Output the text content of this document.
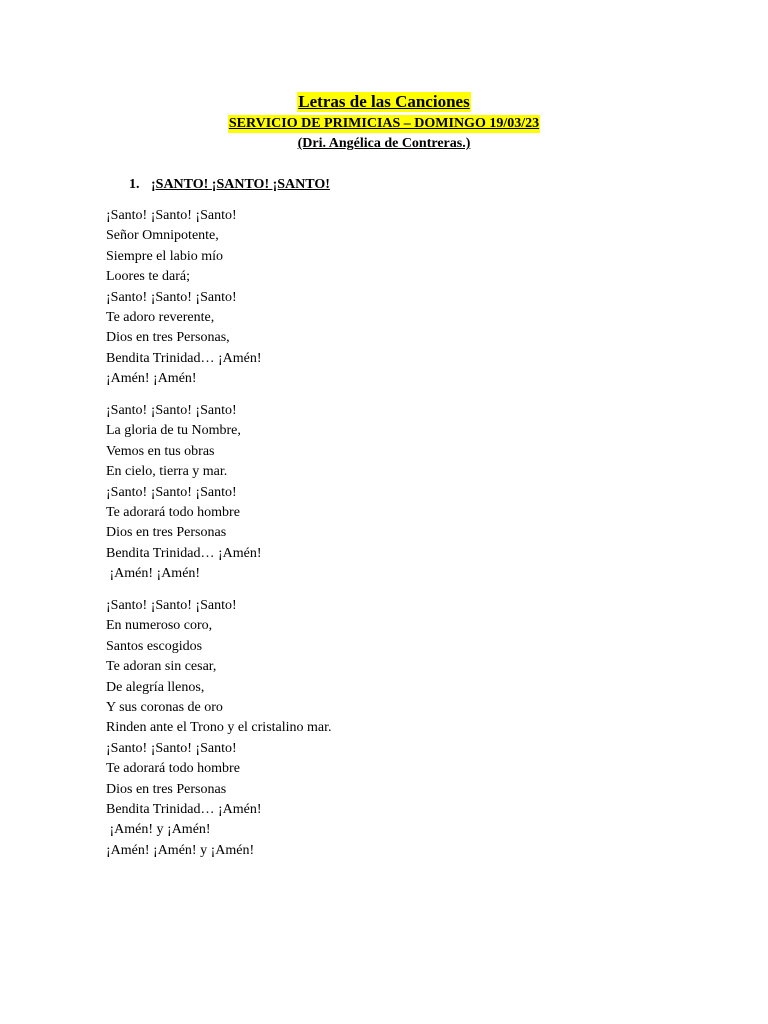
Letras de las Canciones
SERVICIO DE PRIMICIAS – DOMINGO 19/03/23
(Dri. Angélica de Contreras.)
1. ¡SANTO! ¡SANTO! ¡SANTO!
¡Santo! ¡Santo! ¡Santo!
Señor Omnipotente,
Siempre el labio mío
Loores te dará;
¡Santo! ¡Santo! ¡Santo!
Te adoro reverente,
Dios en tres Personas,
Bendita Trinidad… ¡Amén!
¡Amén! ¡Amén!
¡Santo! ¡Santo! ¡Santo!
La gloria de tu Nombre,
Vemos en tus obras
En cielo, tierra y mar.
¡Santo! ¡Santo! ¡Santo!
Te adorará todo hombre
Dios en tres Personas
Bendita Trinidad… ¡Amén!
¡Amén! ¡Amén!
¡Santo! ¡Santo! ¡Santo!
En numeroso coro,
Santos escogidos
Te adoran sin cesar,
De alegría llenos,
Y sus coronas de oro
Rinden ante el Trono y el cristalino mar.
¡Santo! ¡Santo! ¡Santo!
Te adorará todo hombre
Dios en tres Personas
Bendita Trinidad… ¡Amén!
¡Amén! y ¡Amén!
¡Amén! ¡Amén! y ¡Amén!
